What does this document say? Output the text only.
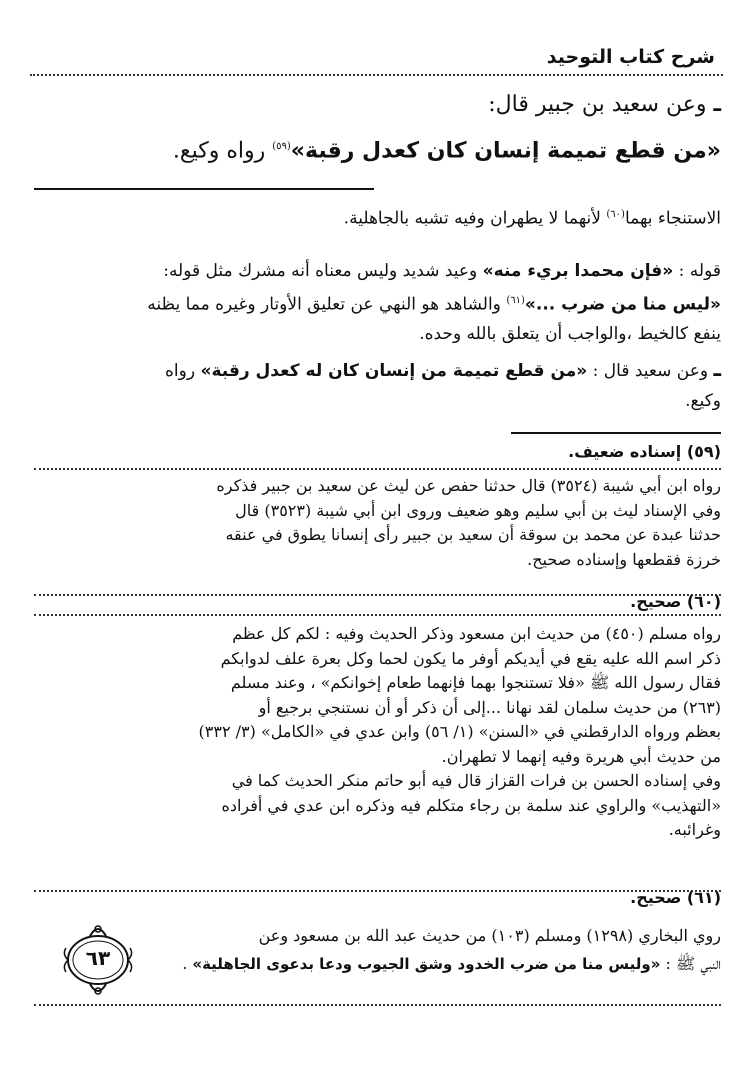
شرح كتاب التوحيد
ـ وعن سعيد بن جبير قال:
«من قطع تميمة إنسان كان كعدل رقبة»$^{(٥٩)}$ رواه وكيع.
الاستنجاء بهما$^{(٦٠)}$ لأنهما لا يطهران وفيه تشبه بالجاهلية.
قوله : «فإن محمدا بريء منه» وعيد شديد وليس معناه أنه مشرك مثل قوله:
«ليس منا من ضرب ...»$^{(٦١)}$ والشاهد هو النهي عن تعليق الأوتار وغيره مما يظنه
ينفع كالخيط ،والواجب أن يتعلق بالله وحده.
ـ وعن سعيد قال : «من قطع تميمة من إنسان كان له كعدل رقبة» رواه
وكيع.
(٥٩) إسناده ضعيف.
رواه ابن أبي شيبة (٣٥٢٤) قال حدثنا حفص عن ليث عن سعيد بن جبير فذكره
وفي الإسناد ليث بن أبي سليم وهو ضعيف وروى ابن أبي شيبة (٣٥٢٣) قال
حدثنا عبدة عن محمد بن سوقة أن سعيد بن جبير رأى إنسانا يطوق في عنقه
خرزة فقطعها وإسناده صحيح.
(٦٠) صحيح.
رواه مسلم (٤٥٠) من حديث ابن مسعود وذكر الحديث وفيه : لكم كل عظم
ذكر اسم الله عليه يقع في أيديكم أوفر ما يكون لحما وكل بعرة علف لدوابكم
فقال رسول الله ﷺ «فلا تستنجوا بهما فإنهما طعام إخوانكم» ، وعند مسلم
(٢٦٣) من حديث سلمان لقد نهانا ...إلى أن ذكر أو أن نستنجي برجيع أو
بعظم ورواه الدارقطني في «السنن» (١/ ٥٦) وابن عدي في «الكامل» (٣/ ٣٣٢)
من حديث أبي هريرة وفيه إنهما لا تطهران.
وفي إسناده الحسن بن فرات القزاز قال فيه أبو حاتم منكر الحديث كما في
«التهذيب» والراوي عند سلمة بن رجاء متكلم فيه وذكره ابن عدي في أفراده
وغرائبه.
(٦١) صحيح.
روي البخاري (١٢٩٨) ومسلم (١٠٣) من حديث عبد الله بن مسعود وعن
النبي ﷺ : «وليس منا من ضرب الخدود وشق الجيوب ودعا بدعوى الجاهلية» .
٦٣
